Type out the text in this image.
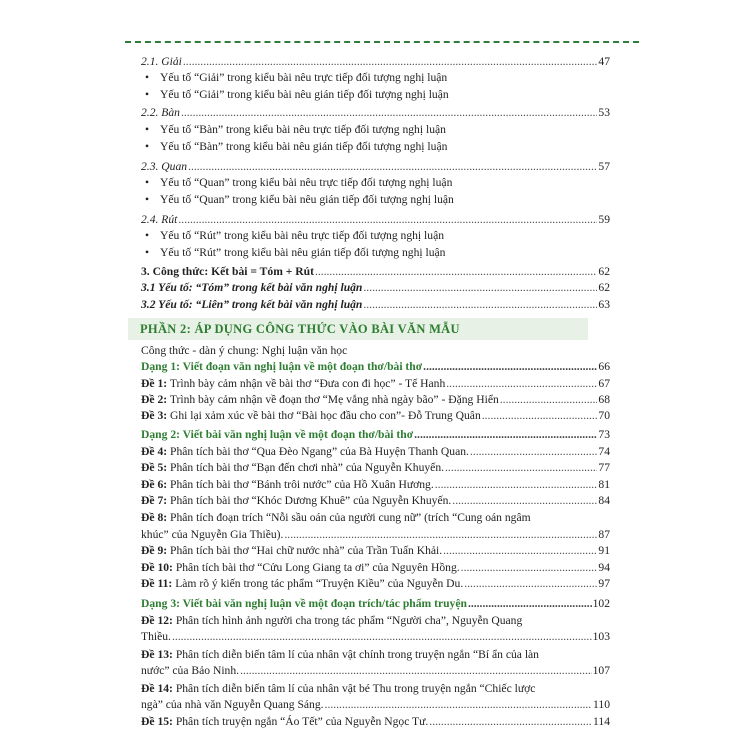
2.1. Giải .....	47
• Yếu tố “Giải” trong kiểu bài nêu trực tiếp đối tượng nghị luận
• Yếu tố “Giải” trong kiểu bài nêu gián tiếp đối tượng nghị luận
2.2. Bàn .....	53
• Yếu tố “Bàn” trong kiểu bài nêu trực tiếp đối tượng nghị luận
• Yếu tố “Bàn” trong kiểu bài nêu gián tiếp đối tượng nghị luận
2.3. Quan .....	57
• Yếu tố “Quan” trong kiểu bài nêu trực tiếp đối tượng nghị luận
• Yếu tố “Quan” trong kiểu bài nêu gián tiếp đối tượng nghị luận
2.4. Rút .....	59
• Yếu tố “Rút” trong kiểu bài nêu trực tiếp đối tượng nghị luận
• Yếu tố “Rút” trong kiểu bài nêu gián tiếp đối tượng nghị luận
3. Công thức: Kết bài = Tóm + Rút .....	62
3.1 Yếu tố: “Tóm” trong kết bài văn nghị luận .....	62
3.2 Yếu tố: “Liên” trong kết bài văn nghị luận .....	63
PHẦN 2: ÁP DỤNG CÔNG THỨC VÀO BÀI VĂN MẪU
Công thức - dàn ý chung: Nghị luận văn học
Dạng 1: Viết đoạn văn nghị luận về một đoạn thơ/bài thơ .....	66
Đề 1: Trình bày cảm nhận về bài thơ “Đưa con đi học” - Tế Hanh .....	67
Đề 2: Trình bày cảm nhận về đoạn thơ “Mẹ vắng nhà ngày bão” - Đặng Hiển .....	68
Đề 3: Ghi lại xảm xúc về bài thơ “Bài học đầu cho con”- Đỗ Trung Quân .....	70
Dạng 2: Viết bài văn nghị luận về một đoạn thơ/bài thơ .....	73
Đề 4: Phân tích bài thơ “Qua Đèo Ngang” của Bà Huyện Thanh Quan. .....	74
Đề 5: Phân tích bài thơ “Bạn đến chơi nhà” của Nguyễn Khuyến. .....	77
Đề 6: Phân tích bài thơ “Bánh trôi nước” của Hồ Xuân Hương. .....	81
Đề 7: Phân tích bài thơ “Khóc Dương Khuê” của Nguyễn Khuyến. .....	84
Đề 8: Phân tích đoạn trích “Nỗi sầu oán của người cung nữ” (trích “Cung oán ngâm
khúc” của Nguyễn Gia Thiều). .....	87
Đề 9: Phân tích bài thơ “Hai chữ nước nhà” của Trần Tuấn Khải. .....	91
Đề 10: Phân tích bài thơ “Cửu Long Giang ta ơi” của Nguyên Hồng. .....	94
Đề 11: Làm rõ ý kiến trong tác phẩm “Truyện Kiều” của Nguyễn Du. .....	97
Dạng 3: Viết bài văn nghị luận về một đoạn trích/tác phẩm truyện .....	102
Đề 12: Phân tích hình ảnh người cha trong tác phẩm “Người cha”, Nguyễn Quang
Thiều. .....	103
Đề 13: Phân tích diễn biến tâm lí của nhân vật chính trong truyện ngắn “Bí ẩn của làn
nước” của Bảo Ninh. .....	107
Đề 14: Phân tích diễn biến tâm lí của nhân vật bé Thu trong truyện ngắn “Chiếc lược
ngà” của nhà văn Nguyễn Quang Sáng. .....	110
Đề 15: Phân tích truyện ngắn “Áo Tết” của Nguyễn Ngọc Tư. .....	114
